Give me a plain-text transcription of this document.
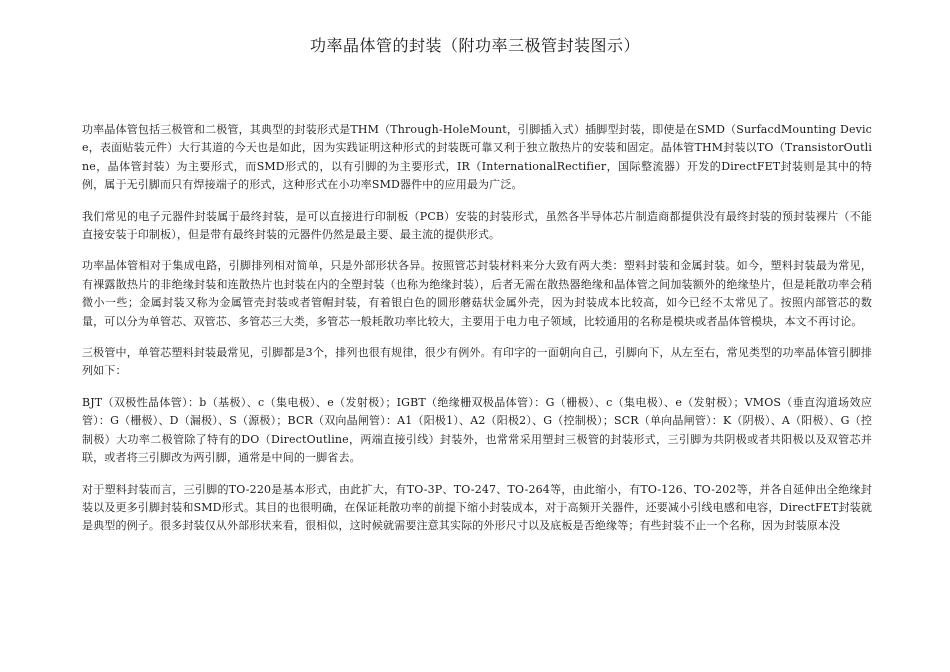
功率晶体管的封装（附功率三极管封装图示）

功率晶体管包括三极管和二极管，其典型的封装形式是THM（Through-HoleMount，引脚插入式）插脚型封装，即使是在SMD（SurfacdMounting Device，表面贴装元件）大行其道的今天也是如此，因为实践证明这种形式的封装既可靠又利于独立散热片的安装和固定。晶体管THM封装以TO（TransistorOutline，晶体管封装）为主要形式，而SMD形式的，以有引脚的为主要形式，IR（InternationalRectifier，国际整流器）开发的DirectFET封装则是其中的特例，属于无引脚而只有焊接端子的形式，这种形式在小功率SMD器件中的应用最为广泛。

我们常见的电子元器件封装属于最终封装，是可以直接进行印制板（PCB）安装的封装形式，虽然各半导体芯片制造商都提供没有最终封装的预封装裸片（不能直接安装于印制板），但是带有最终封装的元器件仍然是最主要、最主流的提供形式。

功率晶体管相对于集成电路，引脚排列相对简单，只是外部形状各异。按照管芯封装材料来分大致有两大类：塑料封装和金属封装。如今，塑料封装最为常见，有裸露散热片的非绝缘封装和连散热片也封装在内的全塑封装（也称为绝缘封装），后者无需在散热器绝缘和晶体管之间加装额外的绝缘垫片，但是耗散功率会稍微小一些；金属封装又称为金属管壳封装或者管帽封装，有着银白色的圆形蘑菇状金属外壳，因为封装成本比较高，如今已经不太常见了。按照内部管芯的数量，可以分为单管芯、双管芯、多管芯三大类，多管芯一般耗散功率比较大，主要用于电力电子领域，比较通用的名称是模块或者晶体管模块，本文不再讨论。

三极管中，单管芯塑料封装最常见，引脚都是3个，排列也很有规律，很少有例外。有印字的一面朝向自己，引脚向下，从左至右，常见类型的功率晶体管引脚排列如下：

BJT（双极性晶体管）：b（基极）、c（集电极）、e（发射极）；IGBT（绝缘栅双极晶体管）：G（栅极）、c（集电极）、e（发射极）；VMOS（垂直沟道场效应管）：G（栅极）、D（漏极）、S（源极）；BCR（双向晶闸管）：A1（阳极1）、A2（阳极2）、G（控制极）；SCR（单向晶闸管）：K（阴极）、A（阳极）、G（控制极）大功率二极管除了特有的DO（DirectOutline，两端直接引线）封装外，也常常采用塑封三极管的封装形式，三引脚为共阴极或者共阳极以及双管芯并联，或者将三引脚改为两引脚，通常是中间的一脚省去。

对于塑料封装而言，三引脚的TO-220是基本形式，由此扩大，有TO-3P、TO-247、TO-264等，由此缩小，有TO-126、TO-202等，并各自延伸出全绝缘封装以及更多引脚封装和SMD形式。其目的也很明确，在保证耗散功率的前提下缩小封装成本，对于高频开关器件，还要减小引线电感和电容，DirectFET封装就是典型的例子。很多封装仅从外部形状来看，很相似，这时候就需要注意其实际的外形尺寸以及底板是否绝缘等；有些封装不止一个名称，因为封装原本没
